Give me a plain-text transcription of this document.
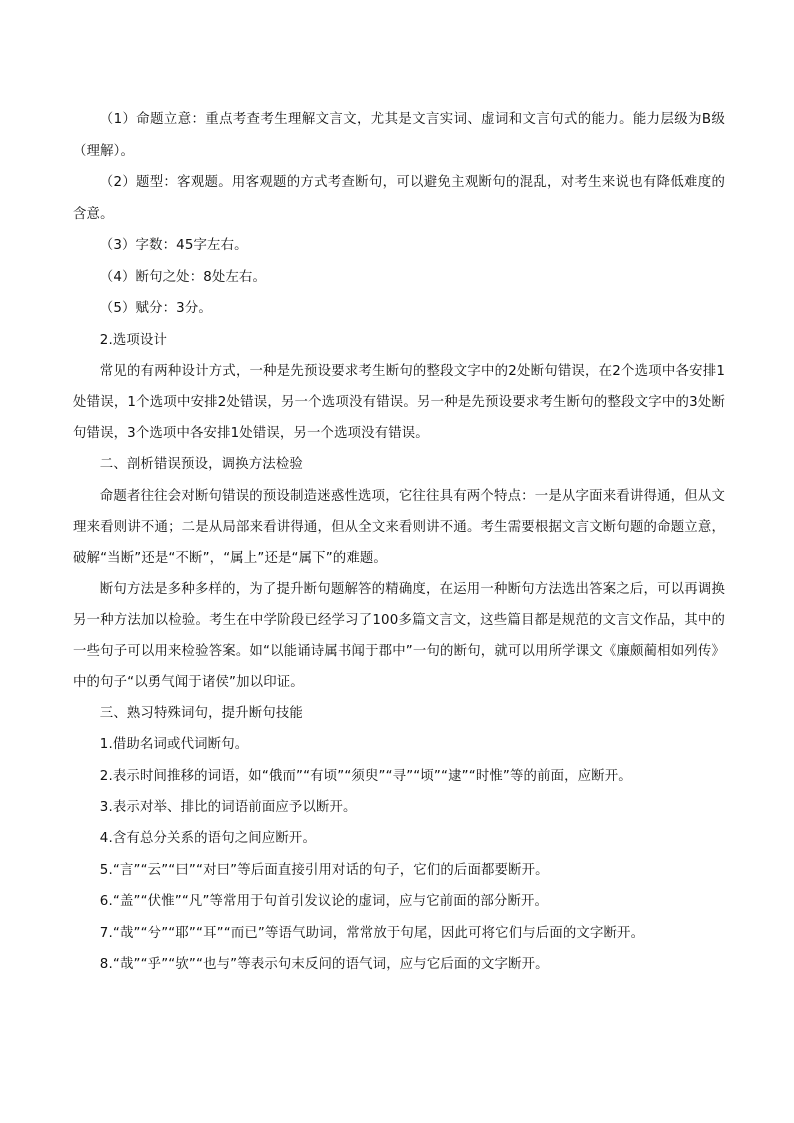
（1）命题立意：重点考查考生理解文言文，尤其是文言实词、虚词和文言句式的能力。能力层级为B级（理解）。

（2）题型：客观题。用客观题的方式考查断句，可以避免主观断句的混乱，对考生来说也有降低难度的含意。

（3）字数：45字左右。

（4）断句之处：8处左右。

（5）赋分：3分。

2.选项设计

常见的有两种设计方式，一种是先预设要求考生断句的整段文字中的2处断句错误，在2个选项中各安排1处错误，1个选项中安排2处错误，另一个选项没有错误。另一种是先预设要求考生断句的整段文字中的3处断句错误，3个选项中各安排1处错误，另一个选项没有错误。

二、剖析错误预设，调换方法检验

命题者往往会对断句错误的预设制造迷惑性选项，它往往具有两个特点：一是从字面来看讲得通，但从文理来看则讲不通；二是从局部来看讲得通，但从全文来看则讲不通。考生需要根据文言文断句题的命题立意，破解“当断”还是“不断”，“属上”还是“属下”的难题。

断句方法是多种多样的，为了提升断句题解答的精确度，在运用一种断句方法选出答案之后，可以再调换另一种方法加以检验。考生在中学阶段已经学习了100多篇文言文，这些篇目都是规范的文言文作品，其中的一些句子可以用来检验答案。如“以能诵诗属书闻于郡中”一句的断句，就可以用所学课文《廉颇蔺相如列传》中的句子“以勇气闻于诸侯”加以印证。

三、熟习特殊词句，提升断句技能

1.借助名词或代词断句。

2.表示时间推移的词语，如“俄而”“有顷”“须臾”“寻”“顷”“逮”“时惟”等的前面，应断开。

3.表示对举、排比的词语前面应予以断开。

4.含有总分关系的语句之间应断开。

5.“言”“云”“曰”“对曰”等后面直接引用对话的句子，它们的后面都要断开。

6.“盖”“伏惟”“凡”等常用于句首引发议论的虚词，应与它前面的部分断开。

7.“哉”“兮”“耶”“耳”“而已”等语气助词，常常放于句尾，因此可将它们与后面的文字断开。

8.“哉”“乎”“欤”“也与”等表示句末反问的语气词，应与它后面的文字断开。
